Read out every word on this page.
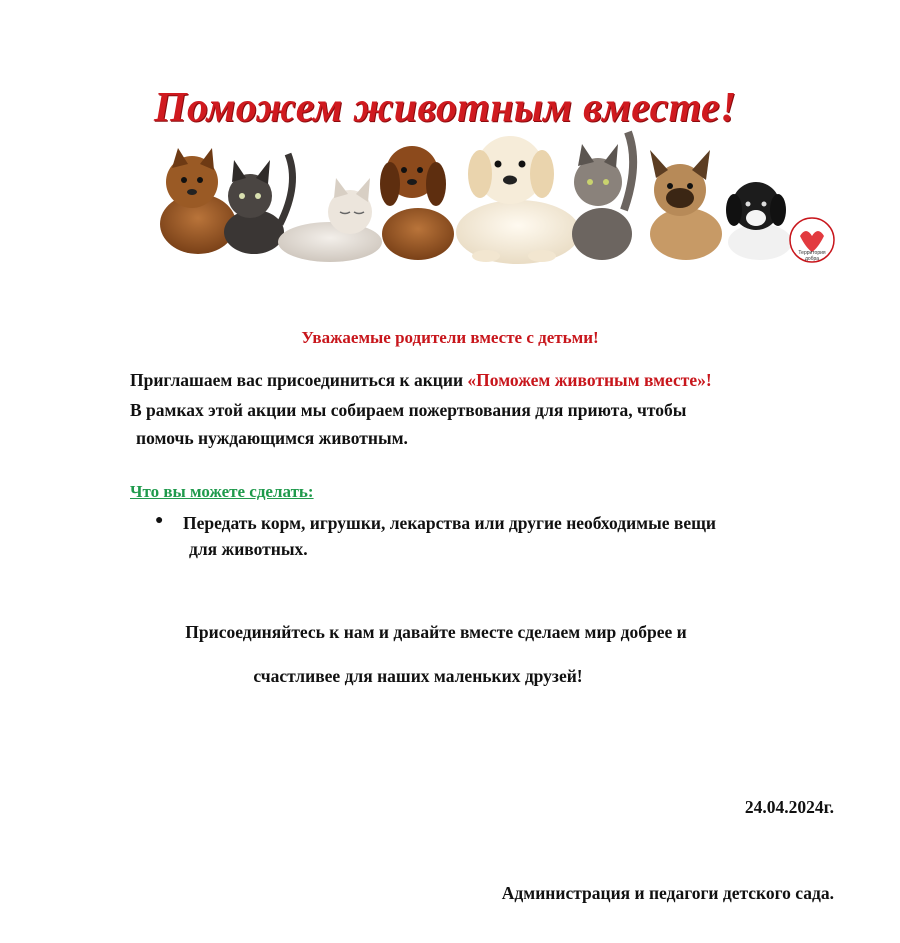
Поможем животным вместе!
Территория
добра
Уважаемые родители вместе с детьми!
Приглашаем вас присоединиться к акции «Поможем животным вместе»!
В рамках этой акции мы собираем пожертвования для приюта, чтобы
помочь нуждающимся животным.
Что вы можете сделать:
● Передать корм, игрушки, лекарства или другие необходимые вещи
для животных.
Присоединяйтесь к нам и давайте вместе сделаем мир добрее и
счастливее для наших маленьких друзей!
24.04.2024г.
Администрация и педагоги детского сада.
